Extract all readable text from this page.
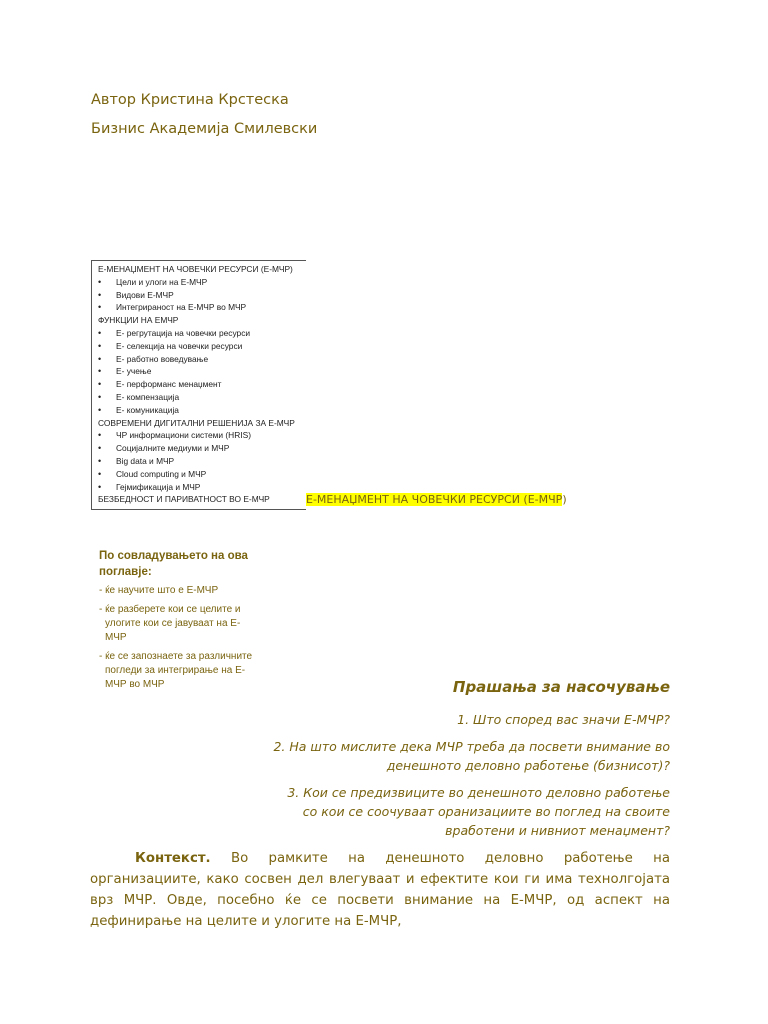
Автор Кристина Крстеска
Бизнис Академија Смилевски
Е-МЕНАЏМЕНТ НА ЧОВЕЧКИ РЕСУРСИ (Е-МЧР)
•Цели и улоги на Е-МЧР
•Видови Е-МЧР
•Интегрираност на Е-МЧР во МЧР
ФУНКЦИИ НА ЕМЧР
•Е- регрутација на човечки ресурси
•Е- селекција на човечки ресурси
•Е- работно воведување
•Е- учење
•Е- перформанс менаџмент
•Е- компензација
•Е- комуникација
СОВРЕМЕНИ ДИГИТАЛНИ РЕШЕНИЈА ЗА Е-МЧР
•ЧР информациони системи (HRIS)
•Социјалните медиуми и МЧР
•Big data и МЧР
•Cloud computing и МЧР
•Гејмификација и МЧР
БЕЗБЕДНОСТ И ПАРИВАТНОСТ ВО Е-МЧР	Е-МЕНАЏМЕНТ НА ЧОВЕЧКИ РЕСУРСИ (Е-МЧР)
По совладувањето на ова поглавје:
- ќе научите што е Е-МЧР
- ќе разберете кои се целите и улогите кои се јавуваат на Е-МЧР
- ќе се запознаете за различните погледи за интегрирање на Е-МЧР во МЧР	Прашања за насочување
1. Што според вас значи Е-МЧР?
2. На што мислите дека МЧР треба да посвети внимание во денешното деловно работење (бизнисот)?
3. Кои се предизвиците во денешното деловно работење со кои се соочуваат оранизациите во поглед на своите вработени и нивниот менаџмент?
Контекст. Во рамките на денешното деловно работење на организациите, како сосвен дел влегуваат и ефектите кои ги има технолгојата врз МЧР. Овде, посебно ќе се посвети внимание на Е-МЧР, од аспект на дефинирање на целите и улогите на Е-МЧР,
